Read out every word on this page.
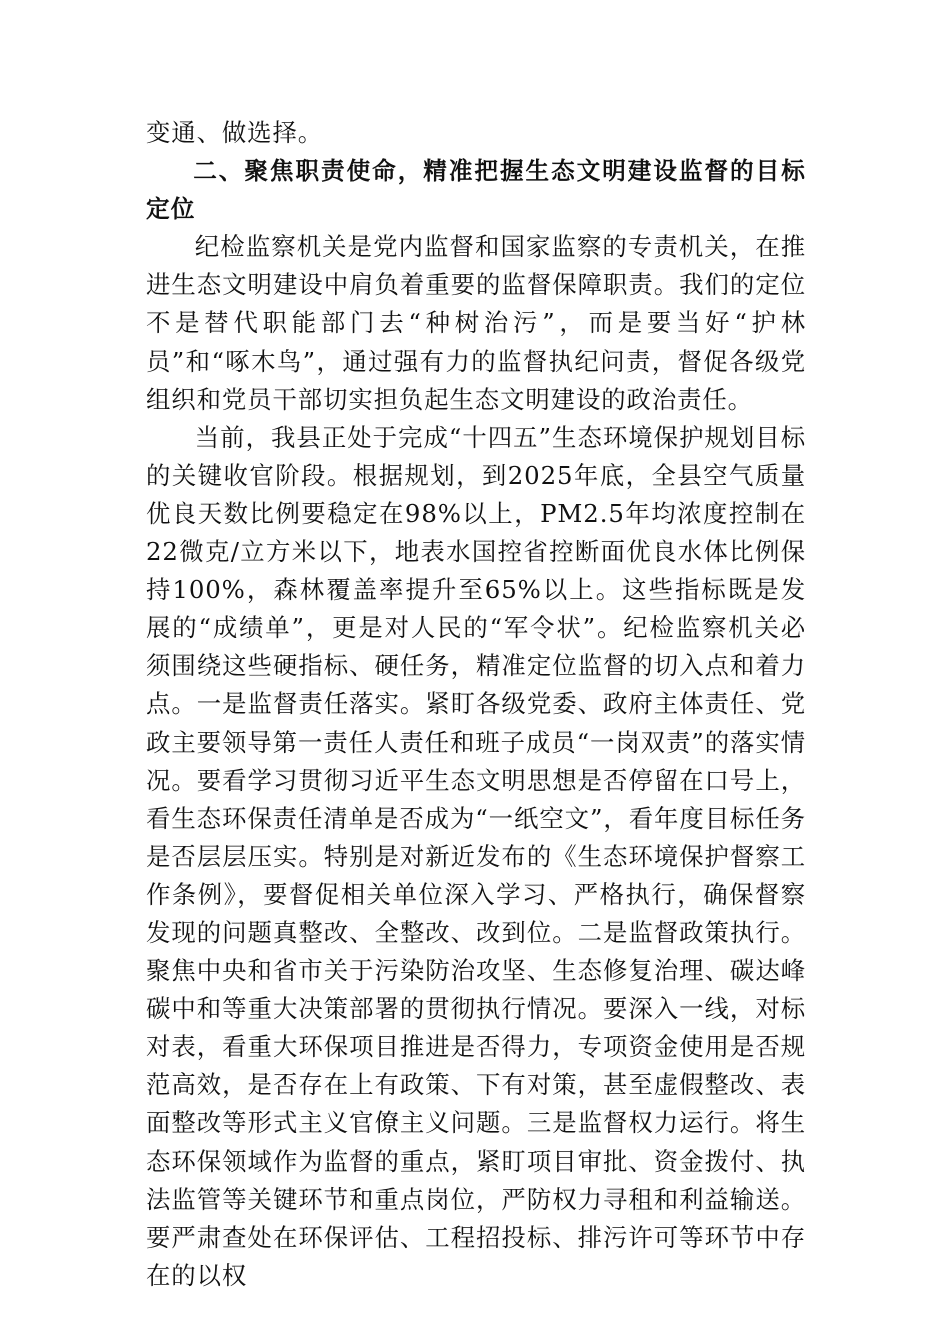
变通、做选择。

二、聚焦职责使命，精准把握生态文明建设监督的目标定位

纪检监察机关是党内监督和国家监察的专责机关，在推进生态文明建设中肩负着重要的监督保障职责。我们的定位不是替代职能部门去“种树治污”，而是要当好“护林员”和“啄木鸟”，通过强有力的监督执纪问责，督促各级党组织和党员干部切实担负起生态文明建设的政治责任。

当前，我县正处于完成“十四五”生态环境保护规划目标的关键收官阶段。根据规划，到2025年底，全县空气质量优良天数比例要稳定在98%以上，PM2.5年均浓度控制在22微克/立方米以下，地表水国控省控断面优良水体比例保持100%，森林覆盖率提升至65%以上。这些指标既是发展的“成绩单”，更是对人民的“军令状”。纪检监察机关必须围绕这些硬指标、硬任务，精准定位监督的切入点和着力点。一是监督责任落实。紧盯各级党委、政府主体责任、党政主要领导第一责任人责任和班子成员“一岗双责”的落实情况。要看学习贯彻习近平生态文明思想是否停留在口号上，看生态环保责任清单是否成为“一纸空文”，看年度目标任务是否层层压实。特别是对新近发布的《生态环境保护督察工作条例》，要督促相关单位深入学习、严格执行，确保督察发现的问题真整改、全整改、改到位。二是监督政策执行。聚焦中央和省市关于污染防治攻坚、生态修复治理、碳达峰碳中和等重大决策部署的贯彻执行情况。要深入一线，对标对表，看重大环保项目推进是否得力，专项资金使用是否规范高效，是否存在上有政策、下有对策，甚至虚假整改、表面整改等形式主义官僚主义问题。三是监督权力运行。将生态环保领域作为监督的重点，紧盯项目审批、资金拨付、执法监管等关键环节和重点岗位，严防权力寻租和利益输送。要严肃查处在环保评估、工程招投标、排污许可等环节中存在的以权
